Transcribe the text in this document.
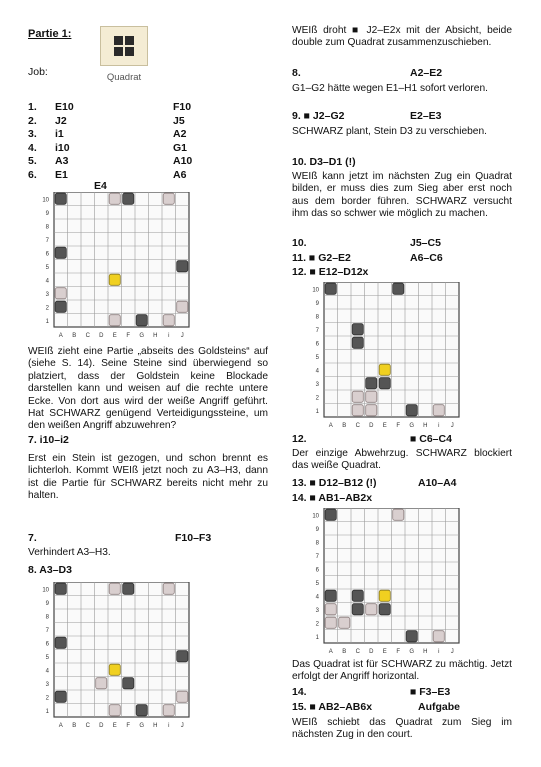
Partie 1:
Job:	Quadrat
1.	E10	F10
2.	J2	J5
3.	i1	A2
4.	i10	G1
5.	A3	A10
6.	E1	A6
E4
10
9
8
7
6
5
4
3
2
1
A B C D E F G H i J
10
9
8
7
6
5
4
3
2
1
A B C D E F G H i J
10
9
8
7
6
5
4
3
2
1
A B C D E F G H i J
10
9
8
7
6
5
4
3
2
1
A B C D E F G H i J
WEIß zieht eine Partie „abseits des Goldsteins“ auf (siehe S. 14). Seine Steine sind überwiegend so platziert, dass der Goldstein keine Blockade darstellen kann und weisen auf die rechte untere Ecke. Von dort aus wird der weiße Angriff geführt. Hat SCHWARZ genügend Verteidigungssteine, um den weißen Angriff abzuwehren?
7. i10–i2
Erst ein Stein ist gezogen, und schon brennt es lichterloh. Kommt WEIß jetzt noch zu A3–H3, dann ist die Partie für SCHWARZ bereits nicht mehr zu halten.
7.	F10–F3
Verhindert A3–H3.
8. A3–D3
WEIß droht ■ J2–E2x mit der Absicht, beide double zum Quadrat zusammenzuschieben.
8.	A2–E2
G1–G2 hätte wegen E1–H1 sofort verloren.
9. ■ J2–G2	E2–E3
SCHWARZ plant, Stein D3 zu verschieben.
10. D3–D1 (!)
WEIß kann jetzt im nächsten Zug ein Quadrat bilden, er muss dies zum Sieg aber erst noch aus dem border führen. SCHWARZ versucht ihm das so schwer wie möglich zu machen.
10.	J5–C5
11. ■ G2–E2	A6–C6
12. ■ E12–D12x
12.	■ C6–C4
Der einzige Abwehrzug. SCHWARZ blockiert das weiße Quadrat.
13. ■ D12–B12 (!)	A10–A4
14. ■ AB1–AB2x
Das Quadrat ist für SCHWARZ zu mächtig. Jetzt erfolgt der Angriff horizontal.
14.	■ F3–E3
15. ■ AB2–AB6x	Aufgabe
WEIß schiebt das Quadrat zum Sieg im nächsten Zug in den court.
